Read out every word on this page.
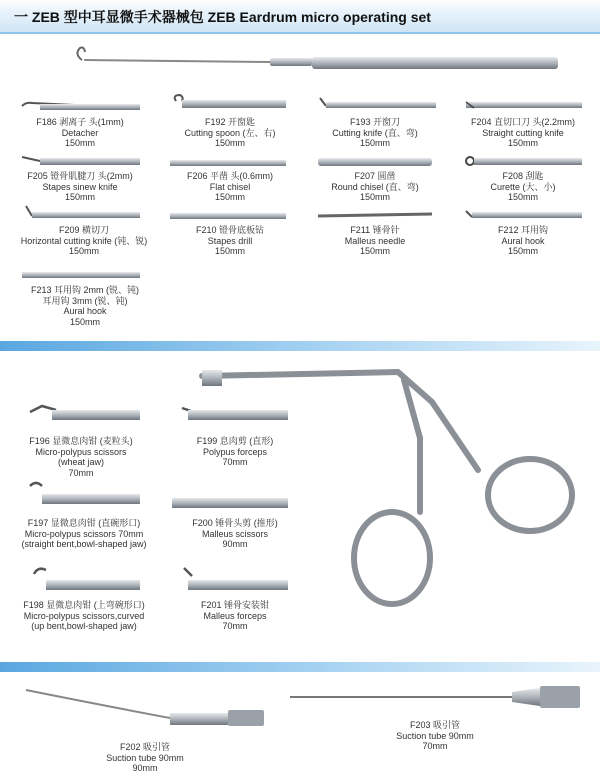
一 ZEB 型中耳显微手术器械包 ZEB Eardrum micro operating set
F186 剥离子 头(1mm)
Detacher
150mm
F192 开窗匙
Cutting spoon (左、右)
150mm
F193 开窗刀
Cutting knife (直、弯)
150mm
F204 直切口刀 头(2.2mm)
Straight cutting knife
150mm
F205 镫骨肌腱刀 头(2mm)
Stapes sinew knife
150mm
F206 平凿 头(0.6mm)
Flat chisel
150mm
F207 圆凿
Round chisel (直、弯)
150mm
F208 刮匙
Curette (大、小)
150mm
F209 横切刀
Horizontal cutting knife (钝、锐)
150mm
F210 镫骨底板钻
Stapes drill
150mm
F211 锤骨针
Malleus needle
150mm
F212 耳用钩
Aural hook
150mm
F213 耳用钩 2mm (锐、钝)
耳用钩 3mm (锐、钝)
Aural hook
150mm
F196 显微息肉钳 (麦粒头)
Micro-polypus scissors
(wheat jaw)
70mm
F199 息肉剪 (直形)
Polypus forceps
70mm
F197 显微息肉钳 (直碗形口)
Micro-polypus scissors 70mm
(straight bent,bowl-shaped jaw)
F200 锤骨头剪 (推形)
Malleus scissors
90mm
F198 显微息肉钳 (上弯碗形口)
Micro-polypus scissors,curved
(up bent,bowl-shaped jaw)
F201 锤骨安装钳
Malleus forceps
70mm
F202 吸引管
Suction tube 90mm
90mm
F203 吸引管
Suction tube 90mm
70mm
